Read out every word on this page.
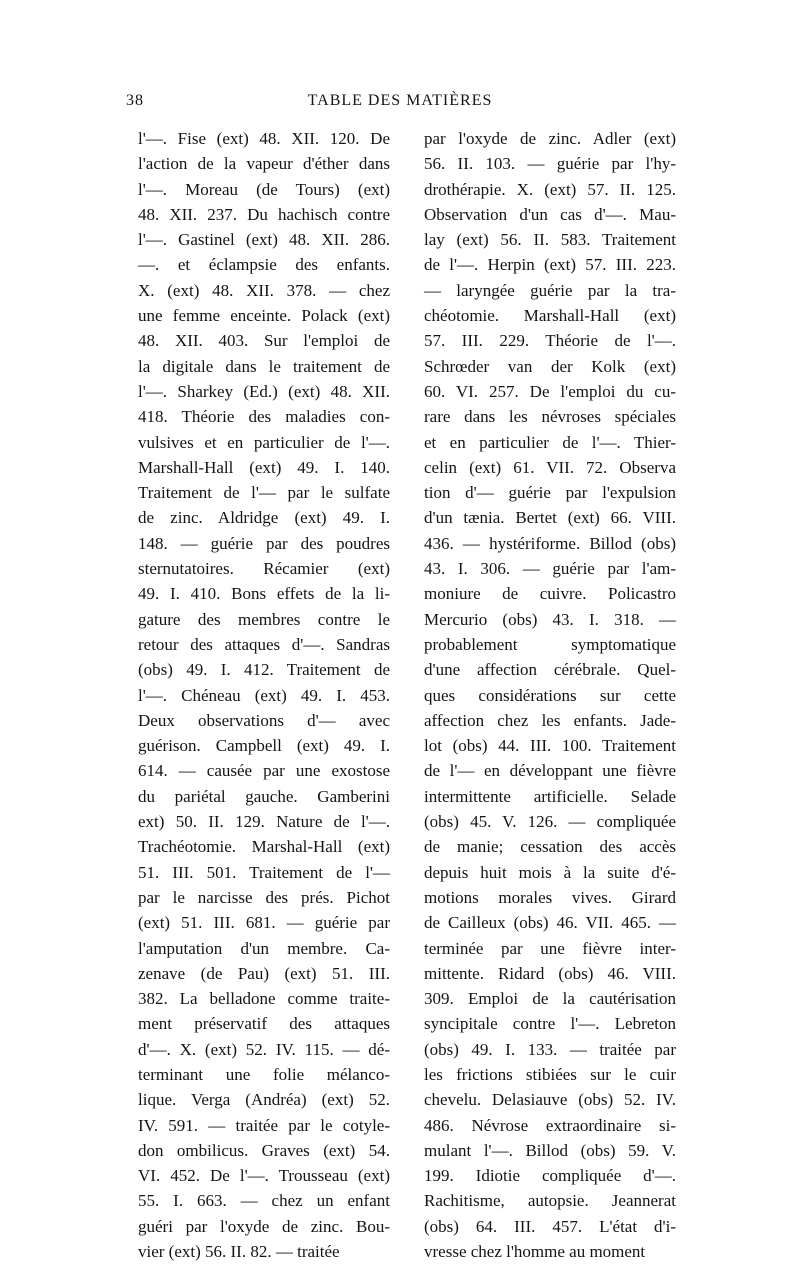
38	TABLE DES MATIÈRES
l'—. Fise (ext) 48. XII. 120. De
l'action de la vapeur d'éther dans
l'—. Moreau (de Tours) (ext)
48. XII. 237. Du hachisch contre
l'—. Gastinel (ext) 48. XII. 286.
—. et éclampsie des enfants.
X. (ext) 48. XII. 378. — chez
une femme enceinte. Polack (ext)
48. XII. 403. Sur l'emploi de
la digitale dans le traitement de
l'—. Sharkey (Ed.) (ext) 48. XII.
418. Théorie des maladies con-
vulsives et en particulier de l'—.
Marshall-Hall (ext) 49. I. 140.
Traitement de l'— par le sulfate
de zinc. Aldridge (ext) 49. I.
148. — guérie par des poudres
sternutatoires. Récamier (ext)
49. I. 410. Bons effets de la li-
gature des membres contre le
retour des attaques d'—. Sandras
(obs) 49. I. 412. Traitement de
l'—. Chéneau (ext) 49. I. 453.
Deux observations d'— avec
guérison. Campbell (ext) 49. I.
614. — causée par une exostose
du pariétal gauche. Gamberini
ext) 50. II. 129. Nature de l'—.
Trachéotomie. Marshal-Hall (ext)
51. III. 501. Traitement de l'—
par le narcisse des prés. Pichot
(ext) 51. III. 681. — guérie par
l'amputation d'un membre. Ca-
zenave (de Pau) (ext) 51. III.
382. La belladone comme traite-
ment préservatif des attaques
d'—. X. (ext) 52. IV. 115. — dé-
terminant une folie mélanco-
lique. Verga (Andréa) (ext) 52.
IV. 591. — traitée par le cotyle-
don ombilicus. Graves (ext) 54.
VI. 452. De l'—. Trousseau (ext)
55. I. 663. — chez un enfant
guéri par l'oxyde de zinc. Bou-
vier (ext) 56. II. 82. — traitée
par l'oxyde de zinc. Adler (ext)
56. II. 103. — guérie par l'hy-
drothérapie. X. (ext) 57. II. 125.
Observation d'un cas d'—. Mau-
lay (ext) 56. II. 583. Traitement
de l'—. Herpin (ext) 57. III. 223.
— laryngée guérie par la tra-
chéotomie. Marshall-Hall (ext)
57. III. 229. Théorie de l'—.
Schrœder van der Kolk (ext)
60. VI. 257. De l'emploi du cu-
rare dans les névroses spéciales
et en particulier de l'—. Thier-
celin (ext) 61. VII. 72. Observa
tion d'— guérie par l'expulsion
d'un tænia. Bertet (ext) 66. VIII.
436. — hystériforme. Billod (obs)
43. I. 306. — guérie par l'am-
moniure de cuivre. Policastro
Mercurio (obs) 43. I. 318. —
probablement symptomatique
d'une affection cérébrale. Quel-
ques considérations sur cette
affection chez les enfants. Jade-
lot (obs) 44. III. 100. Traitement
de l'— en développant une fièvre
intermittente artificielle. Selade
(obs) 45. V. 126. — compliquée
de manie; cessation des accès
depuis huit mois à la suite d'é-
motions morales vives. Girard
de Cailleux (obs) 46. VII. 465. —
terminée par une fièvre inter-
mittente. Ridard (obs) 46. VIII.
309. Emploi de la cautérisation
syncipitale contre l'—. Lebreton
(obs) 49. I. 133. — traitée par
les frictions stibiées sur le cuir
chevelu. Delasiauve (obs) 52. IV.
486. Névrose extraordinaire si-
mulant l'—. Billod (obs) 59. V.
199. Idiotie compliquée d'—.
Rachitisme, autopsie. Jeannerat
(obs) 64. III. 457. L'état d'i-
vresse chez l'homme au moment
